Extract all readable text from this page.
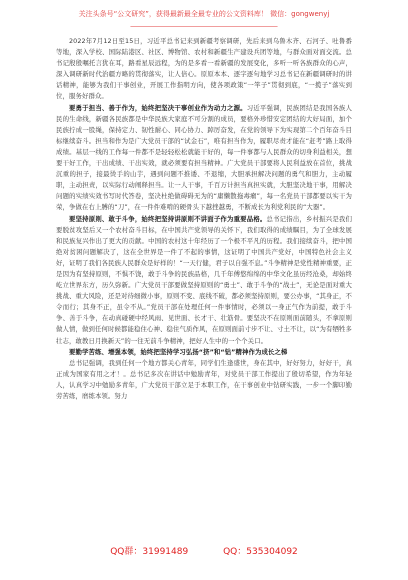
关注头条号“公文研究”，获得最新最全最专业的公文资料库！ 微信：gongwenyj
__________________________________________

2022年7月12日至15日，习近平总书记来到新疆考察调研，先后来到乌鲁木齐、石河子、吐鲁番等地，深入学校、国际陆港区、社区、博物馆、农村和新疆生产建设兵团等地，与群众面对面交流。总书记殷殷嘱托言犹在耳，路看星辰远程，为的是多看一看新疆的发展变化，多听一听各族群众的心声，深入调研新时代治疆方略的贯彻落实，让人倍心。原原本本、逐字逐句地学习总书记在新疆调研时的讲话精神，能够为我们干事创业，开展工作指明方向，使各项政策“一竿子”贯彻到底，“一揽子”落实到位，服务好群众。

要勇于担当、善于作为，始终把坚决干事创业作为动力之源。习近平强调，民族团结是我国各族人民的生命线，新疆各民族都是中华民族大家庭不可分割的成员，要格外珍惜安定团结的大好局面，加个民族拧成一股绳，保持定力、韧性耐心、同心协力、踔厉奋发，在党的领导下为实现第二个百年奋斗目标继续奋斗。担当和作为是广大党员干部的“试金石”，唯有担当作为，履职尽责才能在“赶考”路上取得成绩。基层一线的工作每一件都不是轻轻松松就能干好的，每一件事都与人民群众的切身利益相关，想要干好工作，干出成绩、干出实效，就必须要有担当精神。广大党员干部要将人民利益放在首位，挑战沉重的担子，接最烫手的山芋，遇到问题不推诿、不退缩，大胆承担解决问题的勇气和胆力，主动履职，主动担责，以实际行动阐释担当。让一人干事，千百万计担当真担实就，大胆坚决地干事，用解决问题的实绩实效书写时代答卷，坚决杜绝做碍碍无为的“庸懒散拖毒瘤”，每一名党员干部都要以实干为荣，争做在右上膊的“刀”，在一件件难啃的硬骨头下越挫越勇，不断成长为利党利民的“大器”。

要坚持原则、敢于斗争，始终把坚持讲原则不讲面子作为重要品格。总书记指出，乡村振兴是我们要脱贫攻坚后又一个农村奋斗目标，在中国共产党领导的关怀下，我们取得的成绩瞩目，为了全球发展和民族复兴作出了更大的贡献。中国的农村这十年经历了一个极不平凡的历程。我们接续奋斗，把中国绝对贫困问题解决了，这在全世界是一件了不起的事情，这证明了中国共产党好，中国特色社会主义好，证明了我们各民族人民群众是好样的！“一天行健，君子以自强不息。”斗争精神是党性精神重要，正是因为有坚持原则，不惧不饶，敢于斗争的民族品格，几千年傅悠绵绵的中华文化虽历经沧桑，却始终屹立世界东方，历久弥新。广大党员干部要做坚持原则的“勇士”、敢于斗争的“战士”，无论是面对重大挑战、重大风险，还是对待细微小事，原则不变、底线不破，都必须坚持原则，要公办事，“其身正，不令而行；其身不正，虽令不从。”党员干部在处理任何一件事情时，必须以一身正气作为前提，敢于斗争、善于斗争，在动真碰硬中经风雨、见世面、长才干、壮筋骨。要坚决不在原则面前随头，不拿原则做人情，做到任何时候都能稳住心神、稳住气质作风，在原则面前寸步不让、寸土不让，以“为有牺牲多壮志，敢教日月换新天”的一往无前斗争精神，把好人生中的一个个关口。

要勤学苦练、增强本领，始终把坚持学习弘扬“挤”和“钻”精神作为成长之梯

总书记强调，我到任何一个地方都关心青年，同学们生逢盛世，身在其中，好好努力，好好干，真正成为国家有用之才！。总书记多次在讲话中勉励青年，对党员干部工作提出了殷切希望，作为年轻人，认真学习中勉励多青年，广大党员干部立足于本职工作，在干事创业中钻研实践，一步一个脚印勤劳苦练，磨练本领。努力

QQ群：31991489	QQ：535304092
